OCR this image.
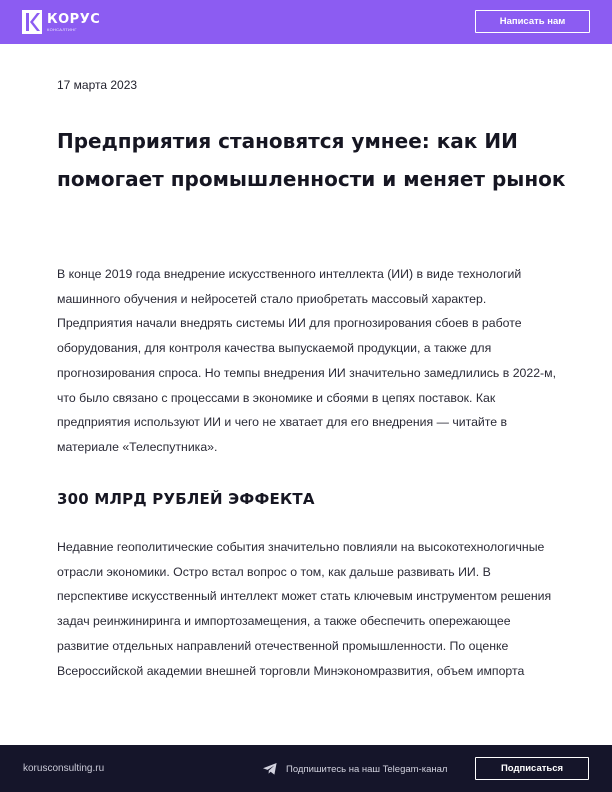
КОРУС
КОНСАЛТИНГ
Написать нам
17 марта 2023
Предприятия становятся умнее: как ИИ помогает промышленности и меняет рынок

В конце 2019 года внедрение искусственного интеллекта (ИИ) в виде технологий машинного обучения и нейросетей стало приобретать массовый характер. Предприятия начали внедрять системы ИИ для прогнозирования сбоев в работе оборудования, для контроля качества выпускаемой продукции, а также для прогнозирования спроса. Но темпы внедрения ИИ значительно замедлились в 2022-м, что было связано с процессами в экономике и сбоями в цепях поставок. Как предприятия используют ИИ и чего не хватает для его внедрения — читайте в материале «Телеспутника».

300 МЛРД РУБЛЕЙ ЭФФЕКТА

Недавние геополитические события значительно повлияли на высокотехнологичные отрасли экономики. Остро встал вопрос о том, как дальше развивать ИИ. В перспективе искусственный интеллект может стать ключевым инструментом решения задач реинжиниринга и импортозамещения, а также обеспечить опережающее развитие отдельных направлений отечественной промышленности. По оценке Всероссийской академии внешней торговли Минэкономразвития, объем импорта

korusconsulting.ru	Подпишитесь на наш Telegam-канал	Подписаться
